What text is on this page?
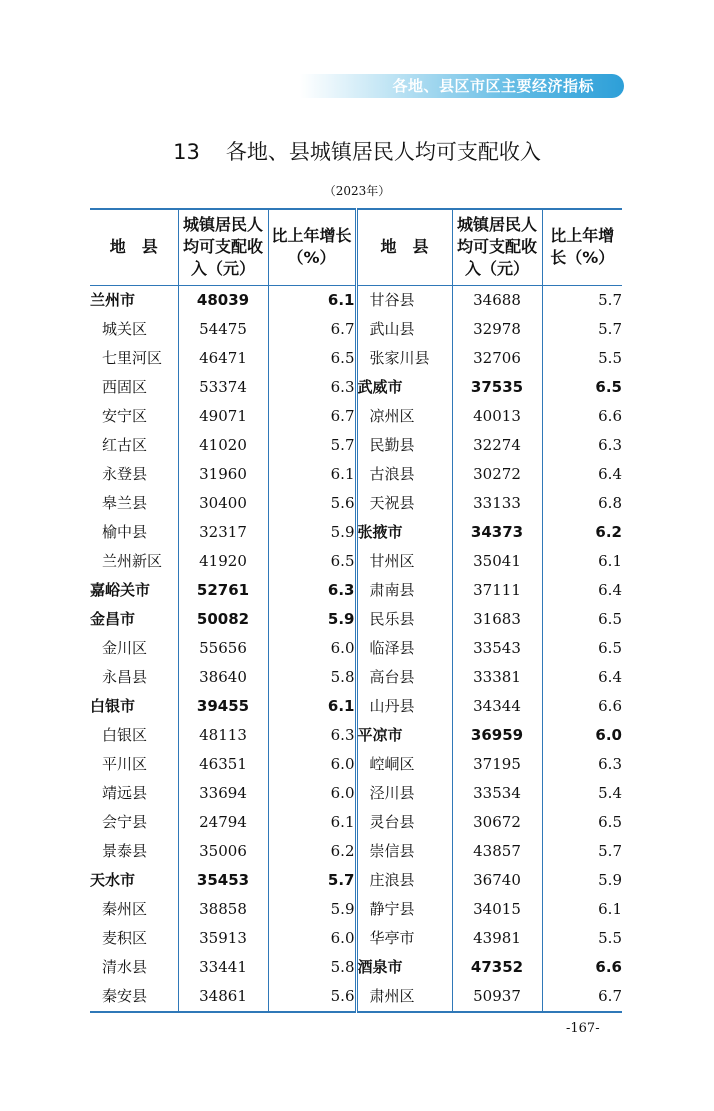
各地、县区市区主要经济指标
13 各地、县城镇居民人均可支配收入
（2023年）
地　县	城镇居民人均可支配收入（元）	比上年增长（%）	地　县	城镇居民人均可支配收入（元）	比上年增长（%）
兰州市	48039	6.1	甘谷县	34688	5.7
城关区	54475	6.7	武山县	32978	5.7
七里河区	46471	6.5	张家川县	32706	5.5
西固区	53374	6.3	武威市	37535	6.5
安宁区	49071	6.7	凉州区	40013	6.6
红古区	41020	5.7	民勤县	32274	6.3
永登县	31960	6.1	古浪县	30272	6.4
皋兰县	30400	5.6	天祝县	33133	6.8
榆中县	32317	5.9	张掖市	34373	6.2
兰州新区	41920	6.5	甘州区	35041	6.1
嘉峪关市	52761	6.3	肃南县	37111	6.4
金昌市	50082	5.9	民乐县	31683	6.5
金川区	55656	6.0	临泽县	33543	6.5
永昌县	38640	5.8	高台县	33381	6.4
白银市	39455	6.1	山丹县	34344	6.6
白银区	48113	6.3	平凉市	36959	6.0
平川区	46351	6.0	崆峒区	37195	6.3
靖远县	33694	6.0	泾川县	33534	5.4
会宁县	24794	6.1	灵台县	30672	6.5
景泰县	35006	6.2	崇信县	43857	5.7
天水市	35453	5.7	庄浪县	36740	5.9
秦州区	38858	5.9	静宁县	34015	6.1
麦积区	35913	6.0	华亭市	43981	5.5
清水县	33441	5.8	酒泉市	47352	6.6
秦安县	34861	5.6	肃州区	50937	6.7
-167-
